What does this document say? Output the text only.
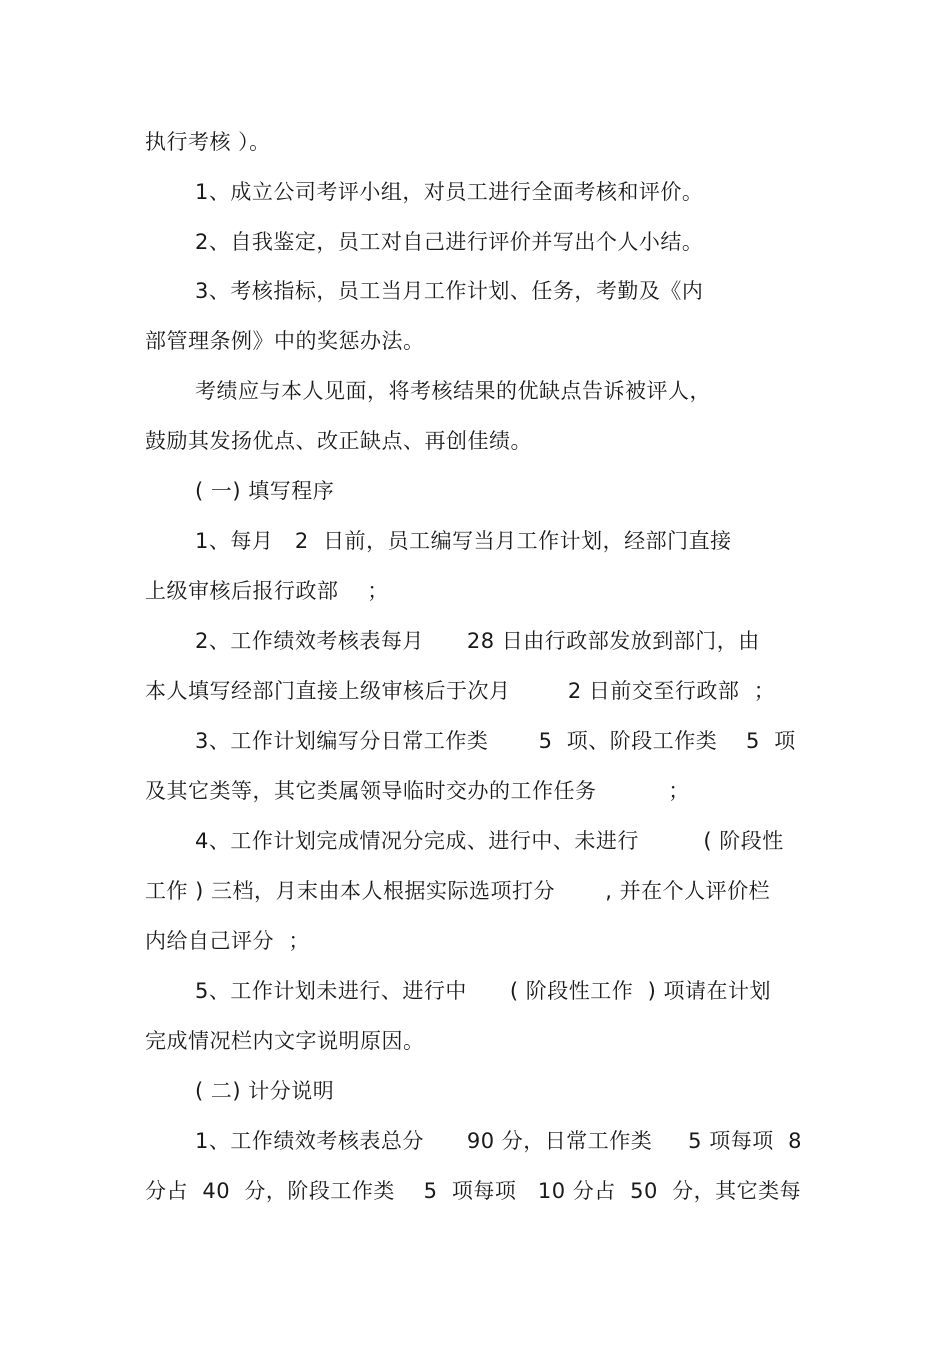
执行考核 ）。
1、成立公司考评小组，对员工进行全面考核和评价。
2、自我鉴定，员工对自己进行评价并写出个人小结。
3、考核指标，员工当月工作计划、任务，考勤及《内
部管理条例》中的奖惩办法。
考绩应与本人见面，将考核结果的优缺点告诉被评人，
鼓励其发扬优点、改正缺点、再创佳绩。
( 一) 填写程序
1、每月   2  日前，员工编写当月工作计划，经部门直接
上级审核后报行政部    ；
2、工作绩效考核表每月      28 日由行政部发放到部门，由
本人填写经部门直接上级审核后于次月        2 日前交至行政部  ；
3、工作计划编写分日常工作类       5  项、阶段工作类    5  项
及其它类等，其它类属领导临时交办的工作任务          ；
4、工作计划完成情况分完成、进行中、未进行         ( 阶段性
工作 ) 三档，月末由本人根据实际选项打分       , 并在个人评价栏
内给自己评分  ；
5、工作计划未进行、进行中      ( 阶段性工作  ) 项请在计划
完成情况栏内文字说明原因。
( 二) 计分说明
1、工作绩效考核表总分      90 分，日常工作类     5 项每项  8
分占  40  分，阶段工作类    5  项每项   10 分占  50  分，其它类每
